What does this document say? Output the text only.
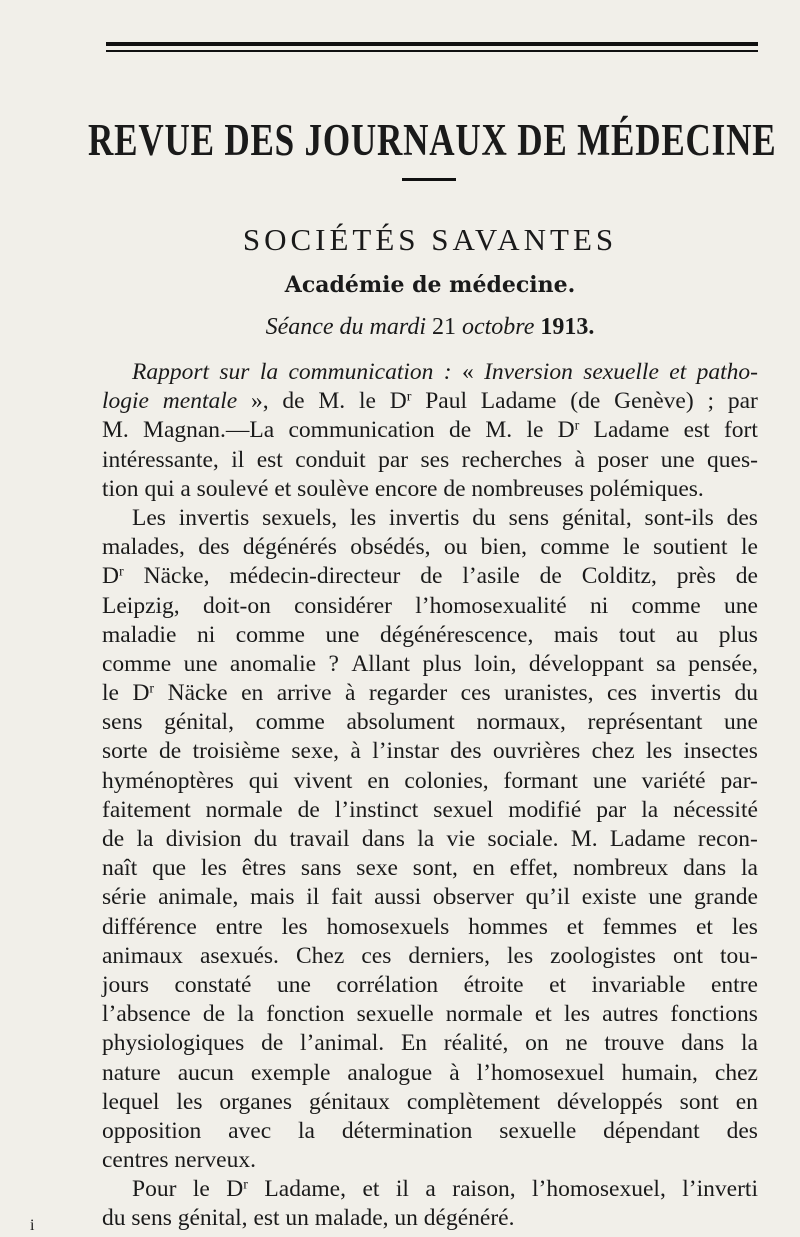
REVUE DES JOURNAUX DE MÉDECINE
SOCIÉTÉS SAVANTES
Académie de médecine.
Séance du mardi 21 octobre 1913.
Rapport sur la communication : « Inversion sexuelle et patho-
logie mentale », de M. le $D^r$ Paul Ladame (de Genève) ; par
M. Magnan.—La communication de M. le $D^r$ Ladame est fort
intéressante, il est conduit par ses recherches à poser une ques-
tion
qui
a
soulevé
et
soulève
encore
de
nombreuses
polémiques.
Les invertis sexuels, les invertis du sens génital, sont-ils des
malades, des dégénérés obsédés, ou bien, comme le soutient le
$D^r$ Näcke, médecin-directeur de l’asile de Colditz, près de
Leipzig, doit-on considérer l’homosexualité ni comme une
maladie ni comme une dégénérescence, mais tout au plus
comme une anomalie ? Allant plus loin, développant sa pensée,
le $D^r$ Näcke en arrive à regarder ces uranistes, ces invertis du
sens génital, comme absolument normaux, représentant une
sorte de troisième sexe, à l’instar des ouvrières chez les insectes
hyménoptères qui vivent en colonies, formant une variété par-
faitement normale de l’instinct sexuel modifié par la nécessité
de la division du travail dans la vie sociale. M. Ladame recon-
naît que les êtres sans sexe sont, en effet, nombreux dans la
série animale, mais il fait aussi observer qu’il existe une grande
différence entre les homosexuels hommes et femmes et les
animaux asexués. Chez ces derniers, les zoologistes ont tou-
jours constaté une corrélation étroite et invariable entre
l’absence de la fonction sexuelle normale et les autres fonctions
physiologiques de l’animal. En réalité, on ne trouve dans la
nature aucun exemple analogue à l’homosexuel humain, chez
lequel les organes génitaux complètement développés sont en
opposition avec la détermination sexuelle dépendant des
centres
nerveux.
Pour le $D^r$ Ladame, et il a raison, l’homosexuel, l’inverti
du
sens
génital,
est
un
malade,
un
dégénéré.
i
